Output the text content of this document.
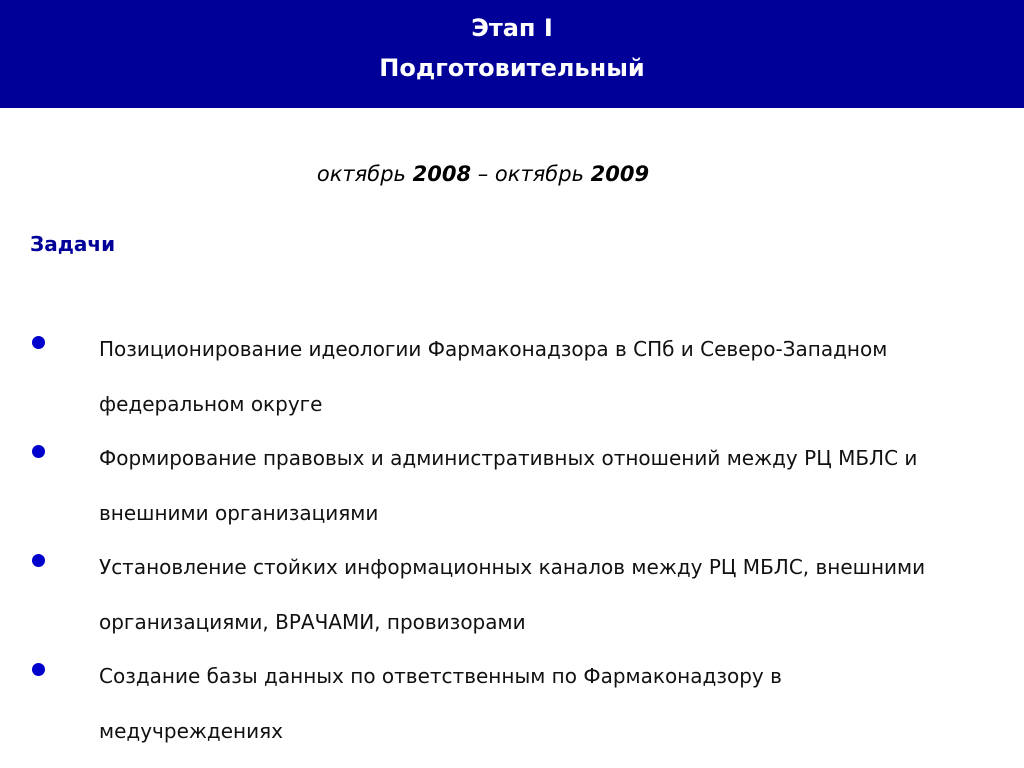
Этап I
Подготовительный
октябрь 2008 – октябрь 2009
Задачи
Позиционирование идеологии Фармаконадзора в СПб и Северо-Западном федеральном округе
Формирование правовых и административных отношений между РЦ МБЛС и внешними организациями
Установление стойких информационных каналов между РЦ МБЛС, внешними организациями, ВРАЧАМИ, провизорами
Создание базы данных по ответственным по Фармаконадзору в медучреждениях
